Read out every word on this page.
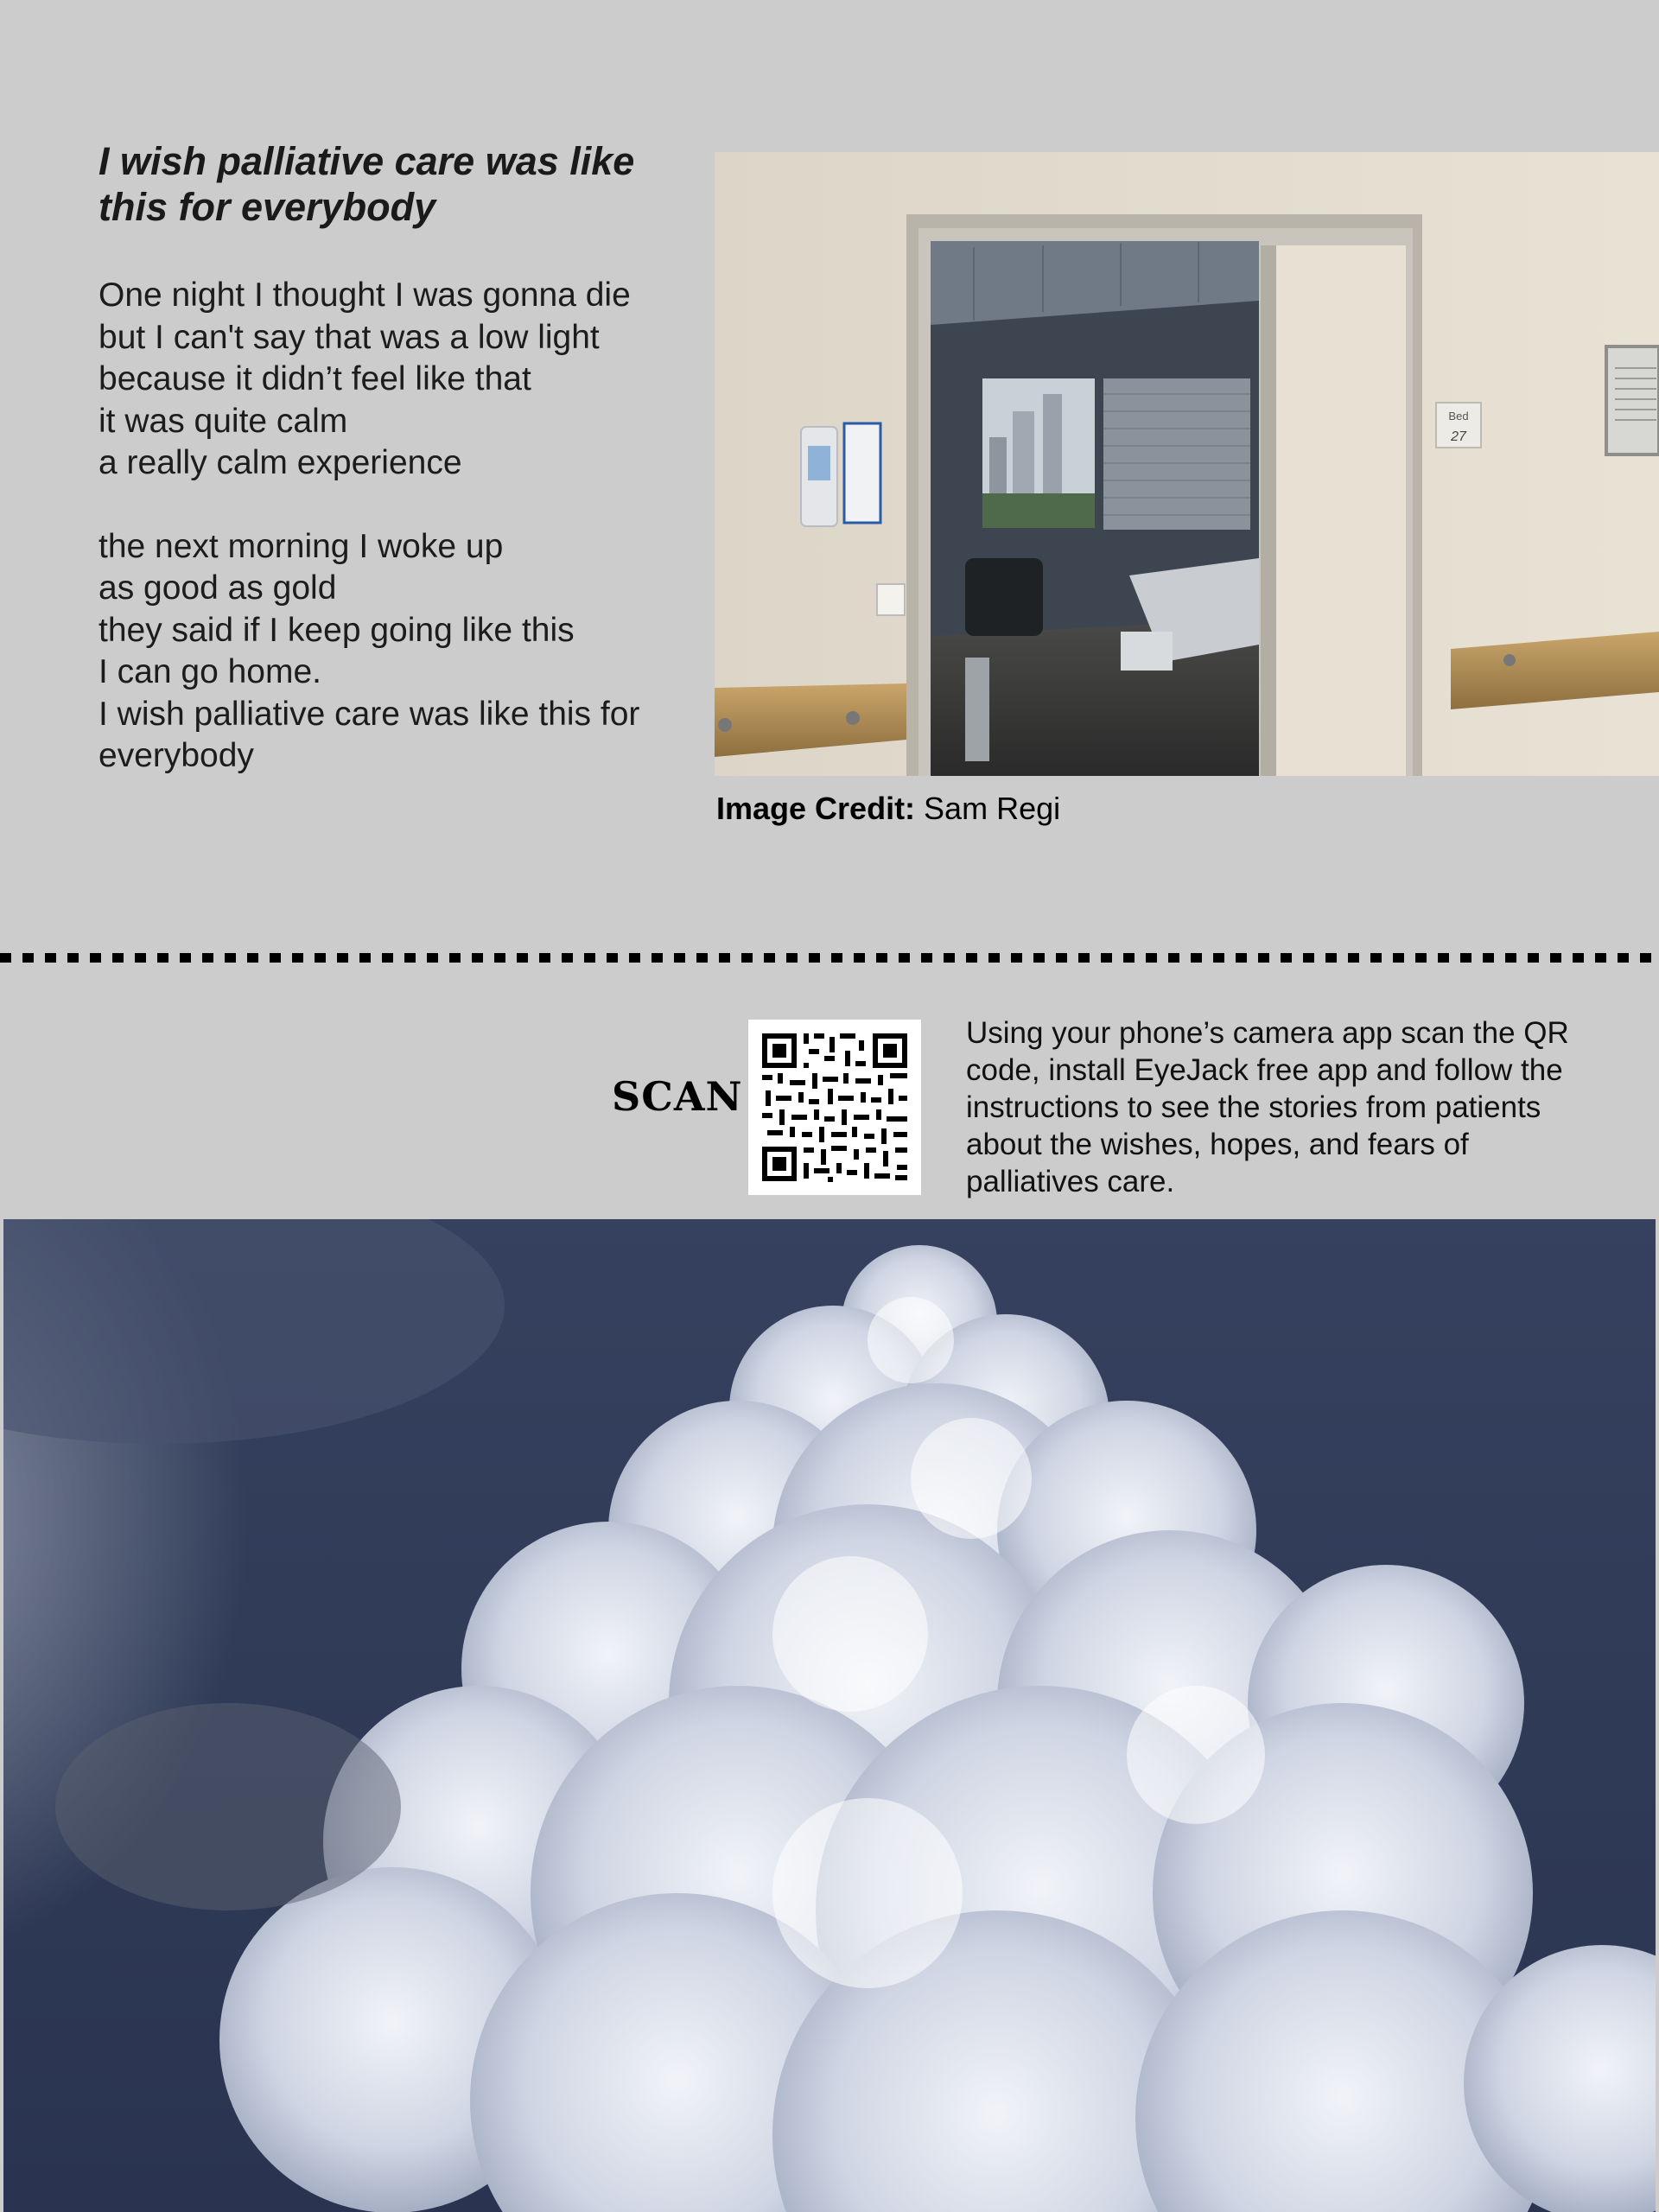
I wish palliative care was like
this for everybody

One night I thought I was gonna die
but I can't say that was a low light
because it didn’t feel like that
it was quite calm
a really calm experience

the next morning I woke up
as good as gold
they said if I keep going like this
I can go home.
I wish palliative care was like this for
everybody

Bed
27
Image Credit: Sam Regi
SCAN
Using your phone’s camera app scan the QR code, install EyeJack free app and follow the instructions to see the stories from patients about the wishes, hopes, and fears of palliatives care.
